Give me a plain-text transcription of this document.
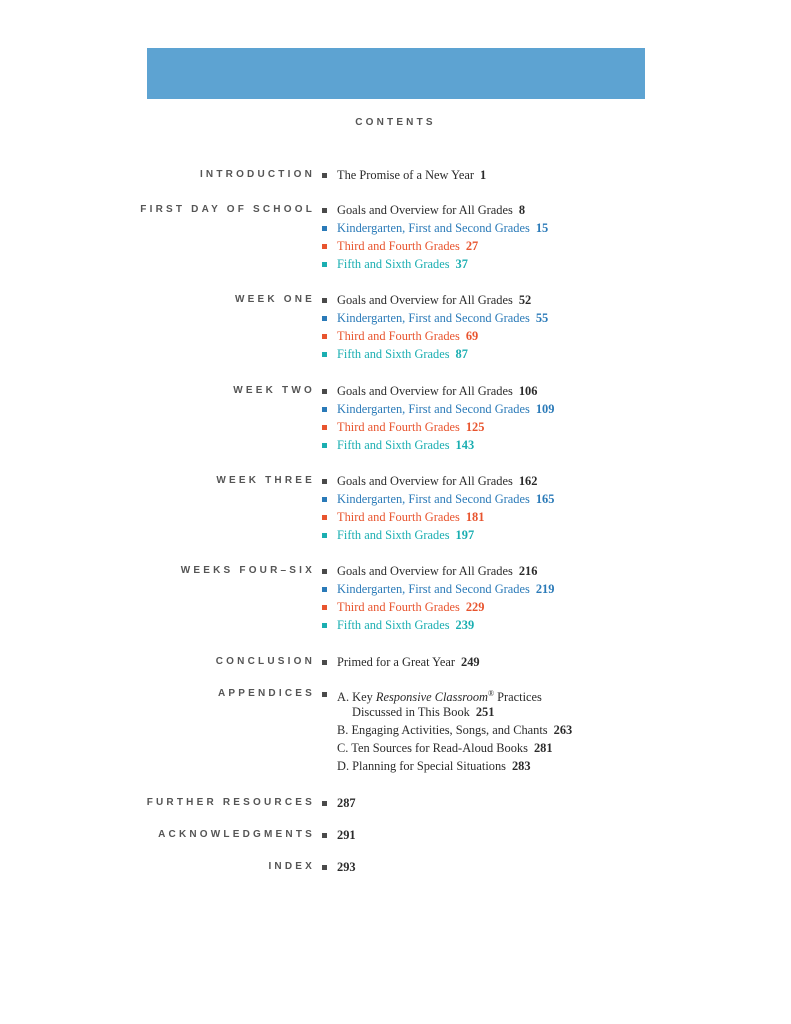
CONTENTS
INTRODUCTION The Promise of a New Year 1
FIRST DAY OF SCHOOL Goals and Overview for All Grades 8
Kindergarten, First and Second Grades 15
Third and Fourth Grades 27
Fifth and Sixth Grades 37
WEEK ONE Goals and Overview for All Grades 52
Kindergarten, First and Second Grades 55
Third and Fourth Grades 69
Fifth and Sixth Grades 87
WEEK TWO Goals and Overview for All Grades 106
Kindergarten, First and Second Grades 109
Third and Fourth Grades 125
Fifth and Sixth Grades 143
WEEK THREE Goals and Overview for All Grades 162
Kindergarten, First and Second Grades 165
Third and Fourth Grades 181
Fifth and Sixth Grades 197
WEEKS FOUR–SIX Goals and Overview for All Grades 216
Kindergarten, First and Second Grades 219
Third and Fourth Grades 229
Fifth and Sixth Grades 239
CONCLUSION Primed for a Great Year 249
APPENDICES A. Key Responsive Classroom® Practices
Discussed in This Book 251
B. Engaging Activities, Songs, and Chants 263
C. Ten Sources for Read-Aloud Books 281
D. Planning for Special Situations 283
FURTHER RESOURCES 287
ACKNOWLEDGMENTS 291
INDEX 293
